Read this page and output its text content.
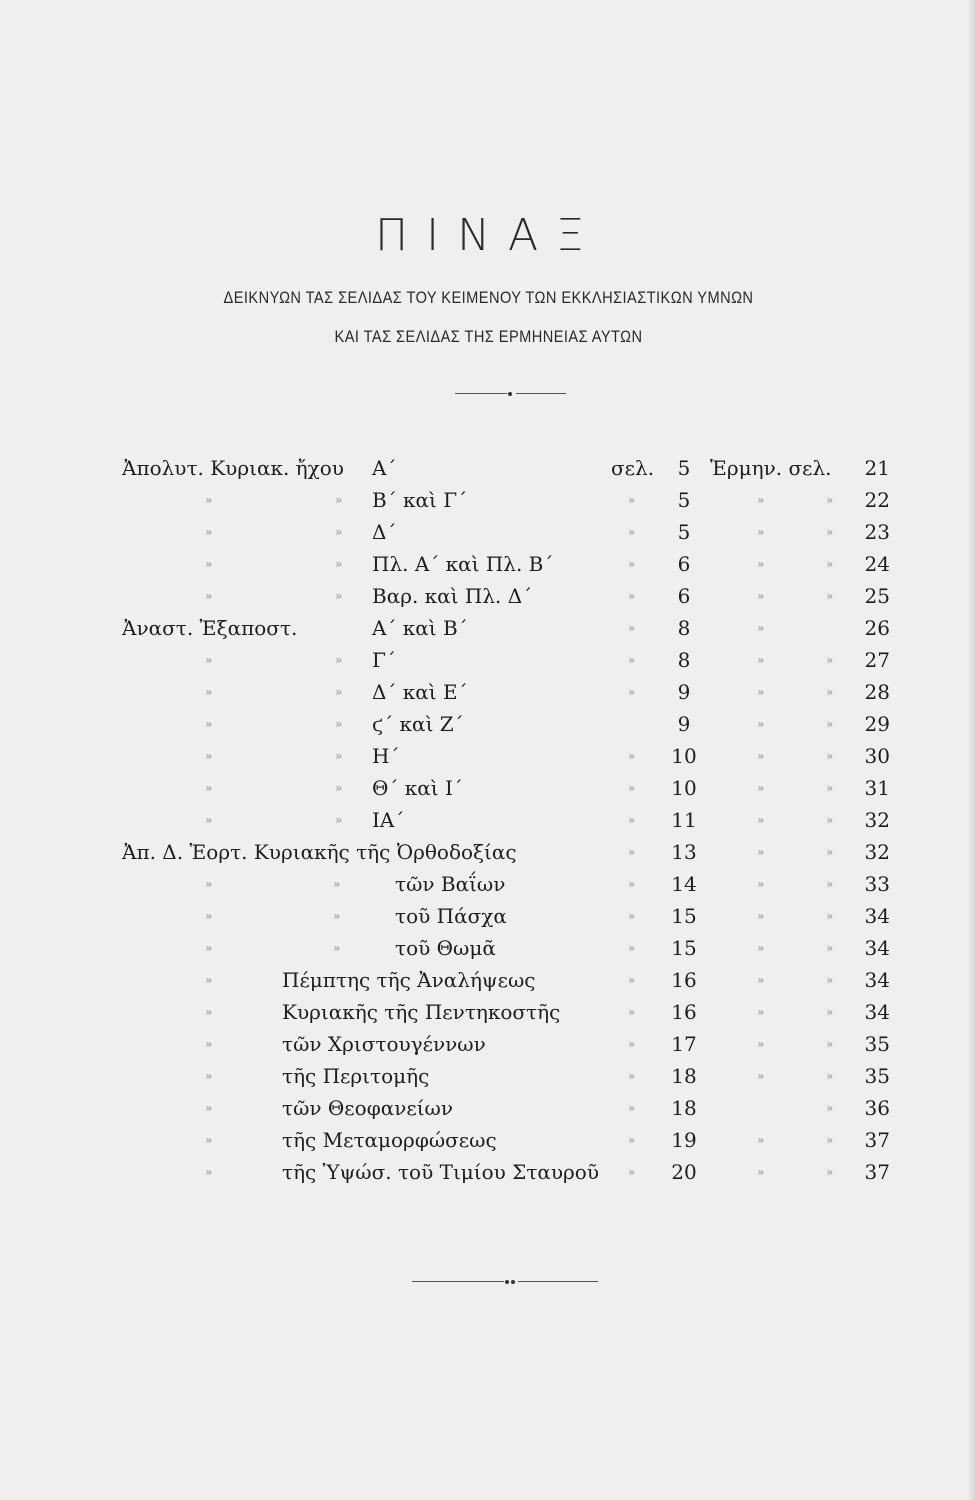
ΠΙΝΑΞ
ΔΕΙΚΝΥΩΝ ΤΑΣ ΣΕΛΙΔΑΣ ΤΟΥ ΚΕΙΜΕΝΟΥ ΤΩΝ ΕΚΚΛΗΣΙΑΣΤΙΚΩΝ ΥΜΝΩΝ
ΚΑΙ ΤΑΣ ΣΕΛΙΔΑΣ ΤΗΣ ΕΡΜΗΝΕΙΑΣ ΑΥΤΩΝ
Ἀπολυτ. Κυριακ. ἤχου Α΄	σελ.	5 Ἑρμην. σελ. 21
»	» Β΄ καὶ Γ΄	»	5	»	» 22
»	» Δ΄	»	5	»	» 23
»	» Πλ. Α΄ καὶ Πλ. Β΄	»	6	»	» 24
»	» Βαρ. καὶ Πλ. Δ΄	»	6	»	» 25
Ἀναστ. Ἐξαποστ.	Α΄ καὶ Β΄	»	8	»	26
»	» Γ΄	»	8	»	» 27
»	» Δ΄ καὶ Ε΄	»	9	»	» 28
»	» ϛ΄ καὶ Ζ΄	9	»	» 29
»	» Η΄	» 10	»	» 30
»	» Θ΄ καὶ Ι΄	» 10	»	» 31
»	» ΙΑ΄	» 11	»	» 32
Ἀπ. Δ. Ἑορτ. Κυριακῆς τῆς Ὀρθοδοξίας	» 13	»	» 32
»	»	τῶν Βαΐων	» 14	»	» 33
»	»	τοῦ Πάσχα	» 15	»	» 34
»	»	τοῦ Θωμᾶ	» 15	»	» 34
»	Πέμπτης τῆς Ἀναλήψεως	» 16	»	» 34
»	Κυριακῆς τῆς Πεντηκοστῆς	» 16	»	» 34
»	τῶν Χριστουγέννων	» 17	»	» 35
»	τῆς Περιτομῆς	» 18	»	» 35
»	τῶν Θεοφανείων	» 18	» 36
»	τῆς Μεταμορφώσεως	» 19	»	» 37
»	τῆς Ὑψώσ. τοῦ Τιμίου Σταυροῦ » 20	»	» 37
